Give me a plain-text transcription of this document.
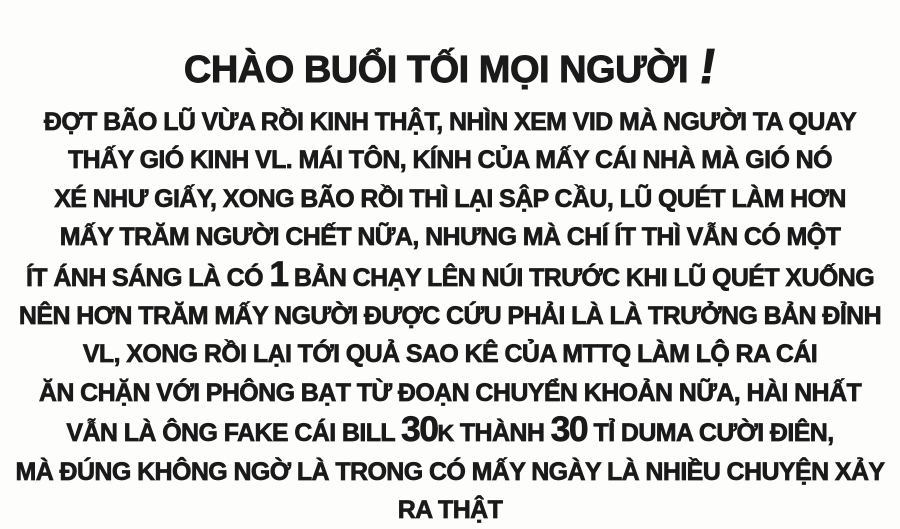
CHÀO BUỔI TỐI MỌI NGƯỜI !
ĐỢT BÃO LŨ VỪA RỒI KINH THẬT, NHÌN XEM VID MÀ NGƯỜI TA QUAY
THẤY GIÓ KINH VL. MÁI TÔN, KÍNH CỦA MẤY CÁI NHÀ MÀ GIÓ NÓ
XÉ NHƯ GIẤY, XONG BÃO RỒI THÌ LẠI SẬP CẦU, LŨ QUÉT LÀM HƠN
MẤY TRĂM NGƯỜI CHẾT NỮA, NHƯNG MÀ CHÍ ÍT THÌ VẪN CÓ MỘT
ÍT ÁNH SÁNG LÀ CÓ 1 BẢN CHẠY LÊN NÚI TRƯỚC KHI LŨ QUÉT XUỐNG
NÊN HƠN TRĂM MẤY NGƯỜI ĐƯỢC CỨU PHẢI LÀ LÀ TRƯỞNG BẢN ĐỈNH
VL, XONG RỒI LẠI TỚI QUẢ SAO KÊ CỦA MTTQ LÀM LỘ RA CÁI
ĂN CHẶN VỚI PHÔNG BẠT TỪ ĐOẠN CHUYỂN KHOẢN NỮA, HÀI NHẤT
VẪN LÀ ÔNG FAKE CÁI BILL 30K THÀNH 30 TỈ DUMA CƯỜI ĐIÊN,
MÀ ĐÚNG KHÔNG NGỜ LÀ TRONG CÓ MẤY NGÀY LÀ NHIỀU CHUYỆN XẢY
RA THẬT
